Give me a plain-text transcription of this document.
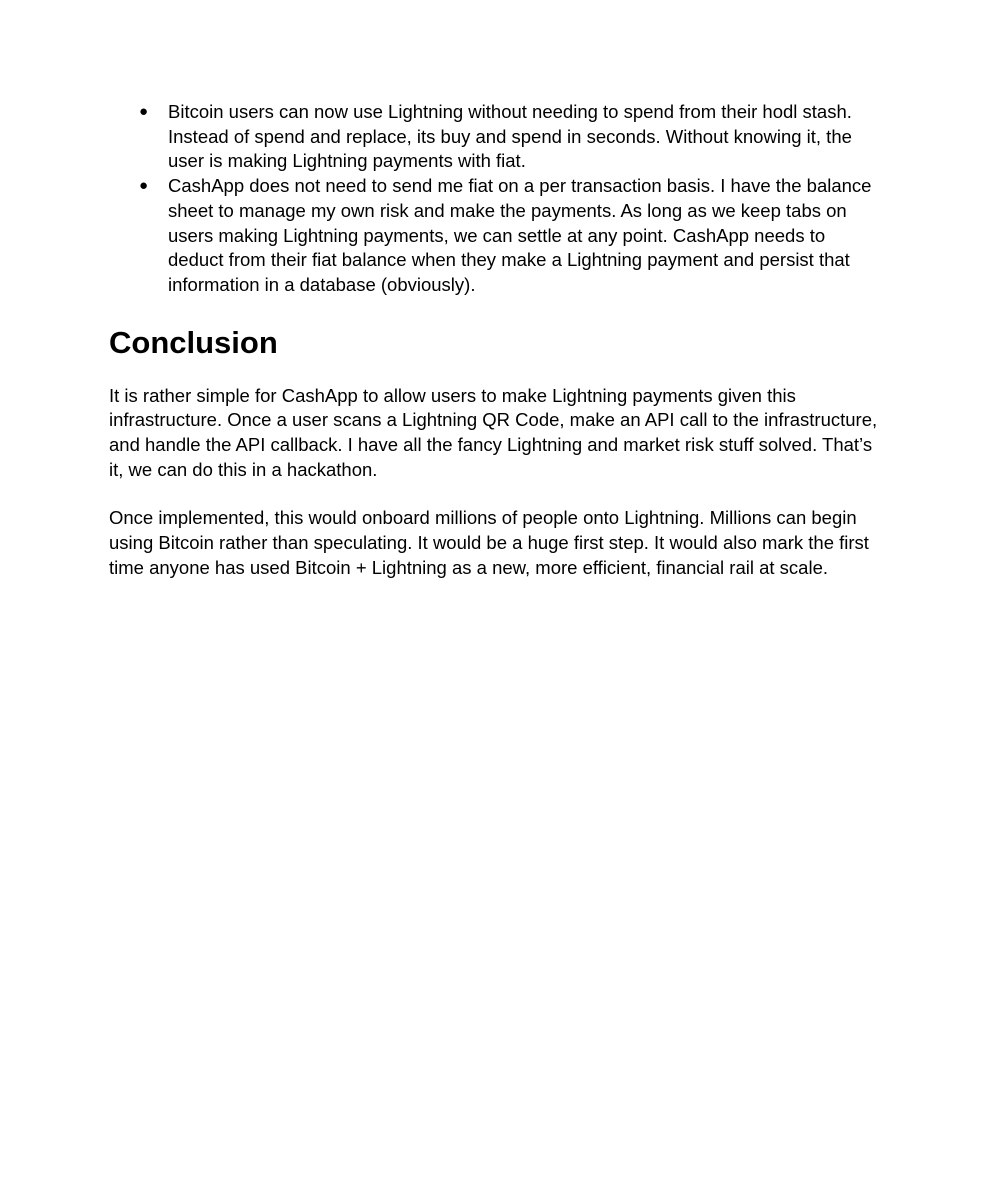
● Bitcoin users can now use Lightning without needing to spend from their hodl stash. Instead of spend and replace, its buy and spend in seconds. Without knowing it, the user is making Lightning payments with fiat.
● CashApp does not need to send me fiat on a per transaction basis. I have the balance sheet to manage my own risk and make the payments. As long as we keep tabs on users making Lightning payments, we can settle at any point. CashApp needs to deduct from their fiat balance when they make a Lightning payment and persist that information in a database (obviously).
Conclusion

It is rather simple for CashApp to allow users to make Lightning payments given this infrastructure. Once a user scans a Lightning QR Code, make an API call to the infrastructure, and handle the API callback. I have all the fancy Lightning and market risk stuff solved. That’s it, we can do this in a hackathon.

Once implemented, this would onboard millions of people onto Lightning. Millions can begin using Bitcoin rather than speculating. It would be a huge first step. It would also mark the first time anyone has used Bitcoin + Lightning as a new, more efficient, financial rail at scale.
